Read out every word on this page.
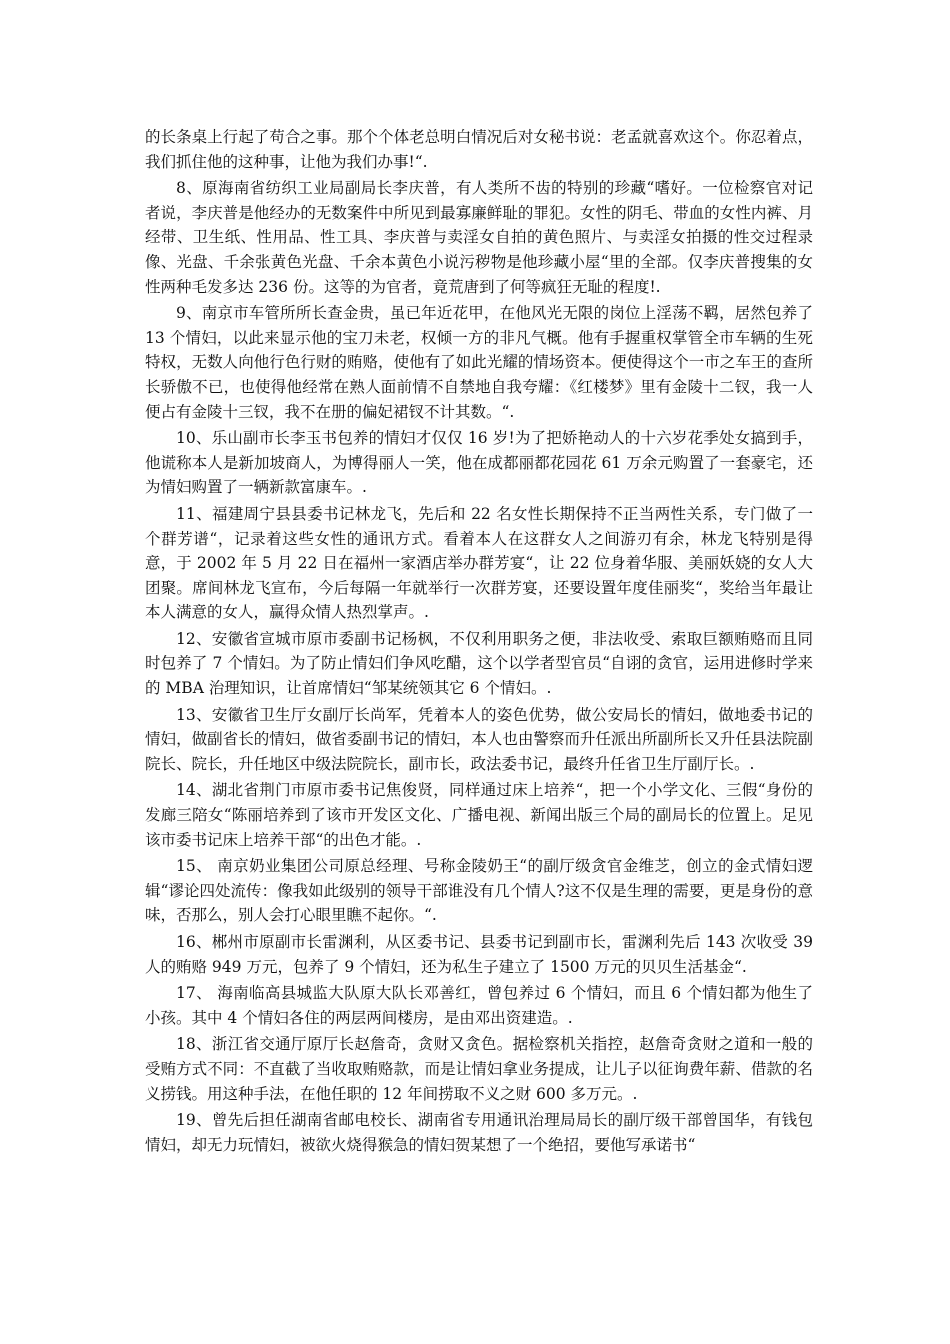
的长条桌上行起了苟合之事。那个个体老总明白情况后对女秘书说：老孟就喜欢这个。你忍着点，我们抓住他的这种事，让他为我们办事!“.

8、原海南省纺织工业局副局长李庆普，有人类所不齿的特别的珍藏“嗜好。一位检察官对记者说，李庆普是他经办的无数案件中所见到最寡廉鲜耻的罪犯。女性的阴毛、带血的女性内裤、月经带、卫生纸、性用品、性工具、李庆普与卖淫女自拍的黄色照片、与卖淫女拍摄的性交过程录像、光盘、千余张黄色光盘、千余本黄色小说污秽物是他珍藏小屋“里的全部。仅李庆普搜集的女性两种毛发多达 236 份。这等的为官者，竟荒唐到了何等疯狂无耻的程度!.

9、南京市车管所所长查金贵，虽已年近花甲，在他风光无限的岗位上淫荡不羁，居然包养了 13 个情妇，以此来显示他的宝刀未老，权倾一方的非凡气概。他有手握重权掌管全市车辆的生死特权，无数人向他行色行财的贿赂，使他有了如此光耀的情场资本。便使得这个一市之车王的查所长骄傲不已，也使得他经常在熟人面前情不自禁地自我夸耀：《红楼梦》里有金陵十二钗，我一人便占有金陵十三钗，我不在册的偏妃裙钗不计其数。“.

10、乐山副市长李玉书包养的情妇才仅仅 16 岁!为了把娇艳动人的十六岁花季处女搞到手，他谎称本人是新加坡商人，为博得丽人一笑，他在成都丽都花园花 61 万余元购置了一套豪宅，还为情妇购置了一辆新款富康车。.

11、福建周宁县县委书记林龙飞，先后和 22 名女性长期保持不正当两性关系，专门做了一个群芳谱“，记录着这些女性的通讯方式。看着本人在这群女人之间游刃有余，林龙飞特别是得意，于 2002 年 5 月 22 日在福州一家酒店举办群芳宴“，让 22 位身着华服、美丽妖娆的女人大团聚。席间林龙飞宣布，今后每隔一年就举行一次群芳宴，还要设置年度佳丽奖“，奖给当年最让本人满意的女人，赢得众情人热烈掌声。.

12、安徽省宣城市原市委副书记杨枫，不仅利用职务之便，非法收受、索取巨额贿赂而且同时包养了 7 个情妇。为了防止情妇们争风吃醋，这个以学者型官员“自诩的贪官，运用进修时学来的 MBA 治理知识，让首席情妇“邹某统领其它 6 个情妇。.

13、安徽省卫生厅女副厅长尚军，凭着本人的姿色优势，做公安局长的情妇，做地委书记的情妇，做副省长的情妇，做省委副书记的情妇，本人也由警察而升任派出所副所长又升任县法院副院长、院长，升任地区中级法院院长，副市长，政法委书记，最终升任省卫生厅副厅长。.

14、湖北省荆门市原市委书记焦俊贤，同样通过床上培养“，把一个小学文化、三假“身份的发廊三陪女“陈丽培养到了该市开发区文化、广播电视、新闻出版三个局的副局长的位置上。足见该市委书记床上培养干部“的出色才能。.

15、 南京奶业集团公司原总经理、号称金陵奶王“的副厅级贪官金维芝，创立的金式情妇逻辑“谬论四处流传：像我如此级别的领导干部谁没有几个情人?这不仅是生理的需要，更是身份的意味，否那么，别人会打心眼里瞧不起你。“.

16、郴州市原副市长雷渊利，从区委书记、县委书记到副市长，雷渊利先后 143 次收受 39 人的贿赂 949 万元，包养了 9 个情妇，还为私生子建立了 1500 万元的贝贝生活基金“.

17、 海南临高县城监大队原大队长邓善红，曾包养过 6 个情妇，而且 6 个情妇都为他生了小孩。其中 4 个情妇各住的两层两间楼房，是由邓出资建造。.

18、浙江省交通厅原厅长赵詹奇，贪财又贪色。据检察机关指控，赵詹奇贪财之道和一般的受贿方式不同：不直截了当收取贿赂款，而是让情妇拿业务提成，让儿子以征询费年薪、借款的名义捞钱。用这种手法，在他任职的 12 年间捞取不义之财 600 多万元。.

19、曾先后担任湖南省邮电校长、湖南省专用通讯治理局局长的副厅级干部曾国华，有钱包情妇，却无力玩情妇，被欲火烧得猴急的情妇贺某想了一个绝招，要他写承诺书“
